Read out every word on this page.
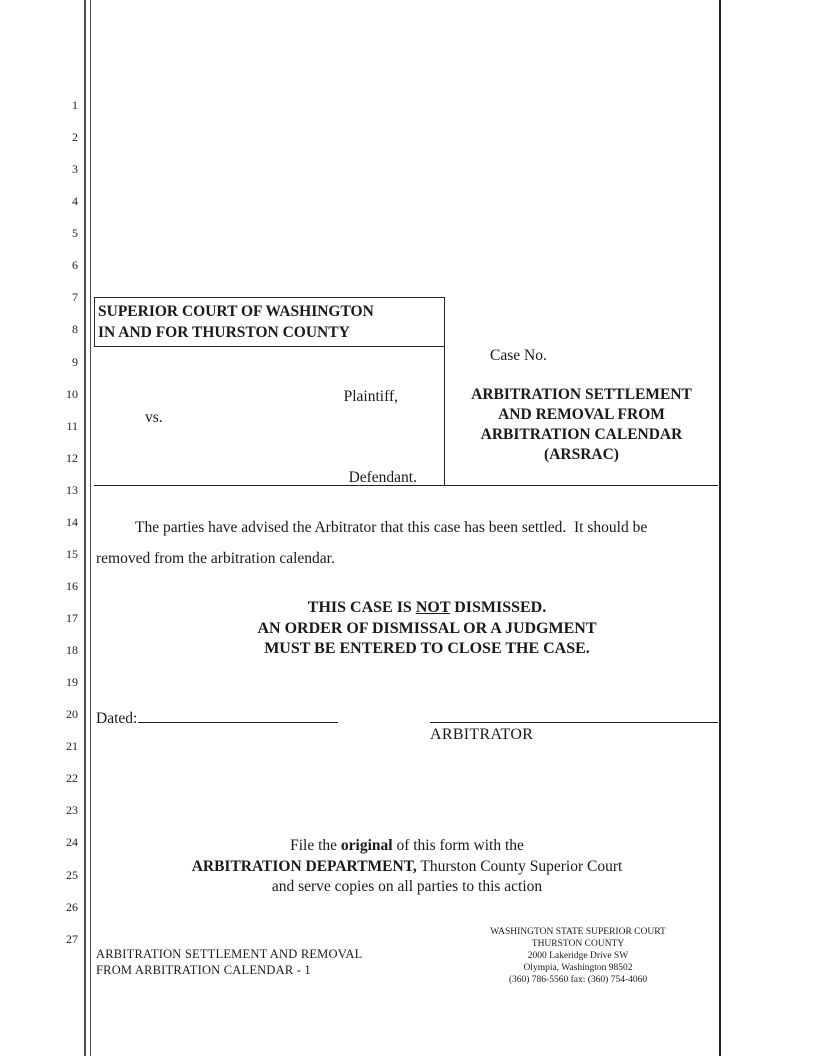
1
2
3
4
5
6
7
8
9
10
11
12
13
14
15
16
17
18
19
20
21
22
23
24
25
26
27
SUPERIOR COURT OF WASHINGTON
IN AND FOR THURSTON COUNTY
Plaintiff,
vs.
Defendant.
Case No.
ARBITRATION SETTLEMENT
AND REMOVAL FROM
ARBITRATION CALENDAR
(ARSRAC)
The parties have advised the Arbitrator that this case has been settled.  It should be
removed from the arbitration calendar.
THIS CASE IS NOT DISMISSED.
AN ORDER OF DISMISSAL OR A JUDGMENT
MUST BE ENTERED TO CLOSE THE CASE.
Dated:
ARBITRATOR
File the original of this form with the
ARBITRATION DEPARTMENT, Thurston County Superior Court
and serve copies on all parties to this action
ARBITRATION SETTLEMENT AND REMOVAL
FROM ARBITRATION CALENDAR - 1
WASHINGTON STATE SUPERIOR COURT
THURSTON COUNTY
2000 Lakeridge Drive SW
Olympia, Washington 98502
(360) 786-5560 fax: (360) 754-4060
